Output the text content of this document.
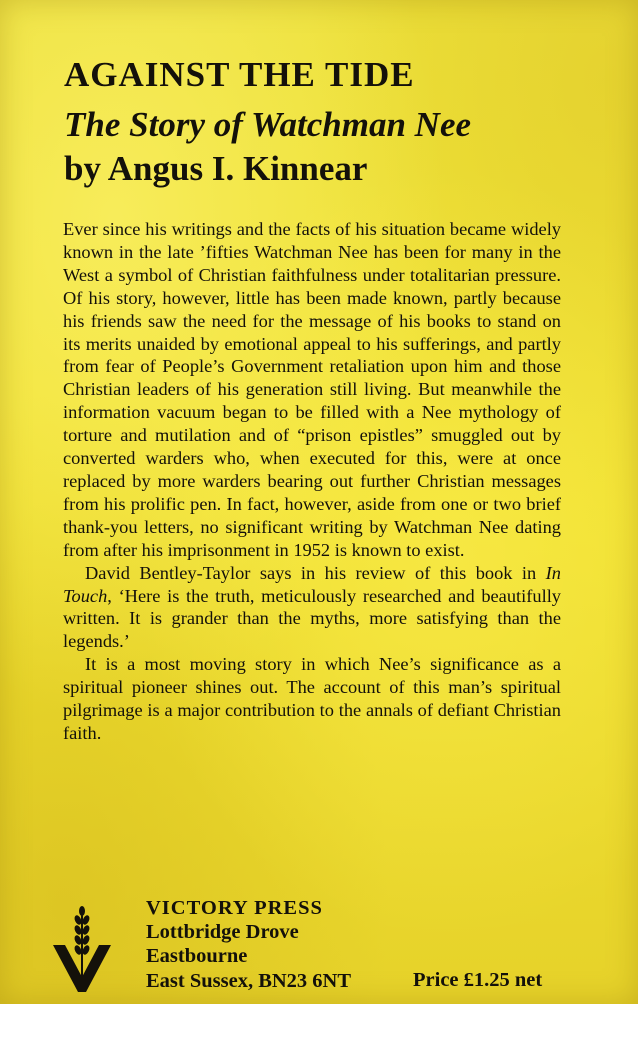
AGAINST THE TIDE
The Story of Watchman Nee
by Angus I. Kinnear

Ever since his writings and the facts of his situation became widely known in the late ’fifties Watchman Nee has been for many in the West a symbol of Christian faithfulness under totalitarian pressure. Of his story, however, little has been made known, partly because his friends saw the need for the message of his books to stand on its merits unaided by emotional appeal to his sufferings, and partly from fear of People’s Government retaliation upon him and those Christian leaders of his generation still living. But meanwhile the information vacuum began to be filled with a Nee mythology of torture and mutilation and of “prison epistles” smuggled out by converted warders who, when executed for this, were at once replaced by more warders bearing out further Christian messages from his prolific pen. In fact, however, aside from one or two brief thank-you letters, no significant writing by Watchman Nee dating from after his imprisonment in 1952 is known to exist.

David Bentley-Taylor says in his review of this book in In Touch, ‘Here is the truth, meticulously researched and beautifully written. It is grander than the myths, more satisfying than the legends.’

It is a most moving story in which Nee’s significance as a spiritual pioneer shines out. The account of this man’s spiritual pilgrimage is a major contribution to the annals of defiant Christian faith.

VICTORY PRESS
Lottbridge Drove
Eastbourne
East Sussex, BN23 6NT	Price £1.25 net
